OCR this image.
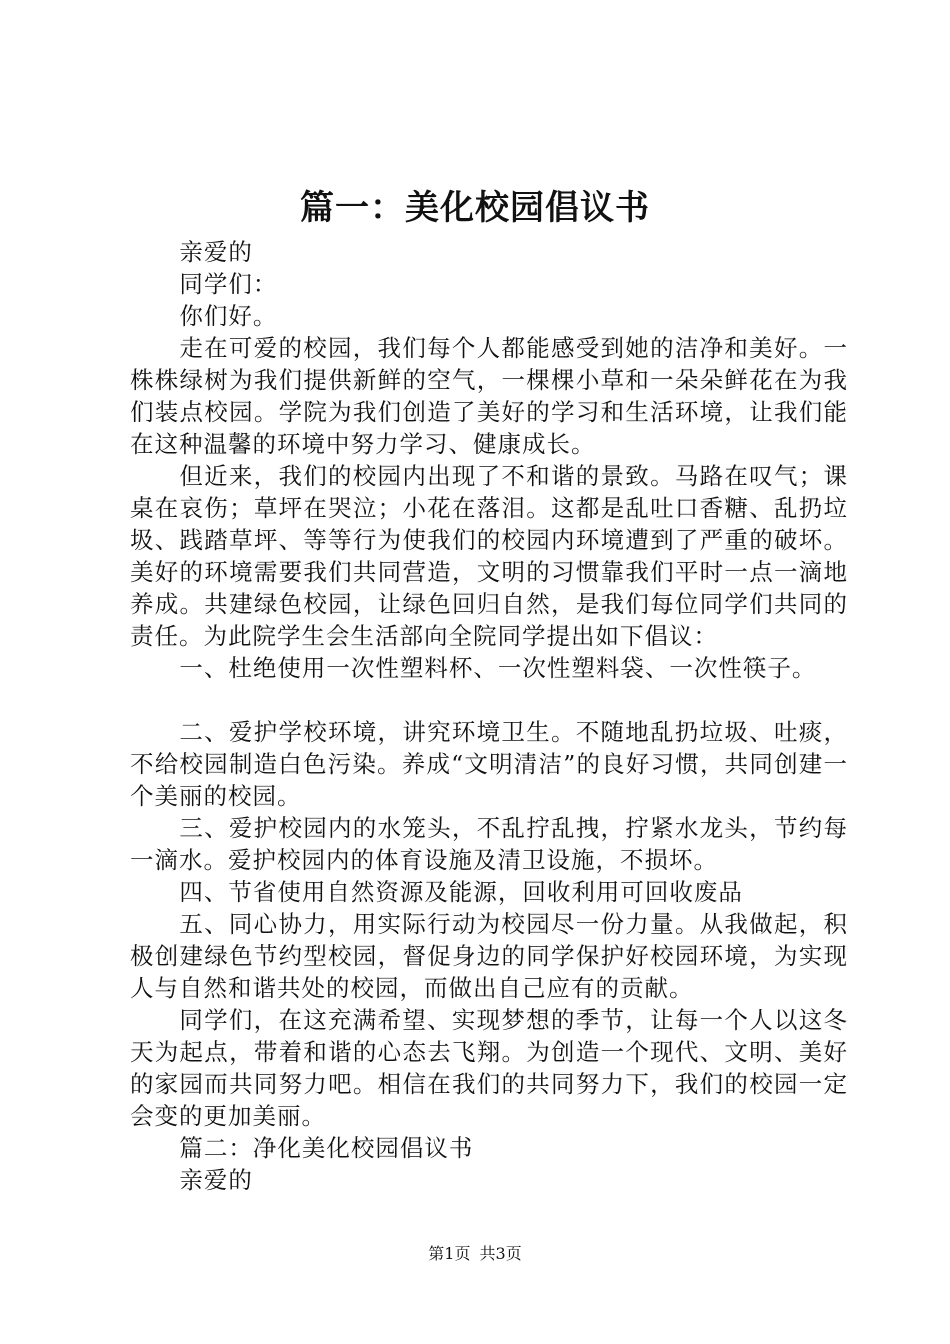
篇一：美化校园倡议书

亲爱的

同学们：

你们好。

走在可爱的校园，我们每个人都能感受到她的洁净和美好。一株株绿树为我们提供新鲜的空气，一棵棵小草和一朵朵鲜花在为我们装点校园。学院为我们创造了美好的学习和生活环境，让我们能在这种温馨的环境中努力学习、健康成长。

但近来，我们的校园内出现了不和谐的景致。马路在叹气；课桌在哀伤；草坪在哭泣；小花在落泪。这都是乱吐口香糖、乱扔垃圾、践踏草坪、等等行为使我们的校园内环境遭到了严重的破坏。美好的环境需要我们共同营造，文明的习惯靠我们平时一点一滴地养成。共建绿色校园，让绿色回归自然，是我们每位同学们共同的责任。为此院学生会生活部向全院同学提出如下倡议：

一、杜绝使用一次性塑料杯、一次性塑料袋、一次性筷子。

二、爱护学校环境，讲究环境卫生。不随地乱扔垃圾、吐痰，不给校园制造白色污染。养成“文明清洁”的良好习惯，共同创建一个美丽的校园。

三、爱护校园内的水笼头，不乱拧乱拽，拧紧水龙头，节约每一滴水。爱护校园内的体育设施及清卫设施，不损坏。

四、节省使用自然资源及能源，回收利用可回收废品

五、同心协力，用实际行动为校园尽一份力量。从我做起，积极创建绿色节约型校园，督促身边的同学保护好校园环境，为实现人与自然和谐共处的校园，而做出自己应有的贡献。

同学们，在这充满希望、实现梦想的季节，让每一个人以这冬天为起点，带着和谐的心态去飞翔。为创造一个现代、文明、美好的家园而共同努力吧。相信在我们的共同努力下，我们的校园一定会变的更加美丽。

篇二：净化美化校园倡议书

亲爱的

第1页 共3页
